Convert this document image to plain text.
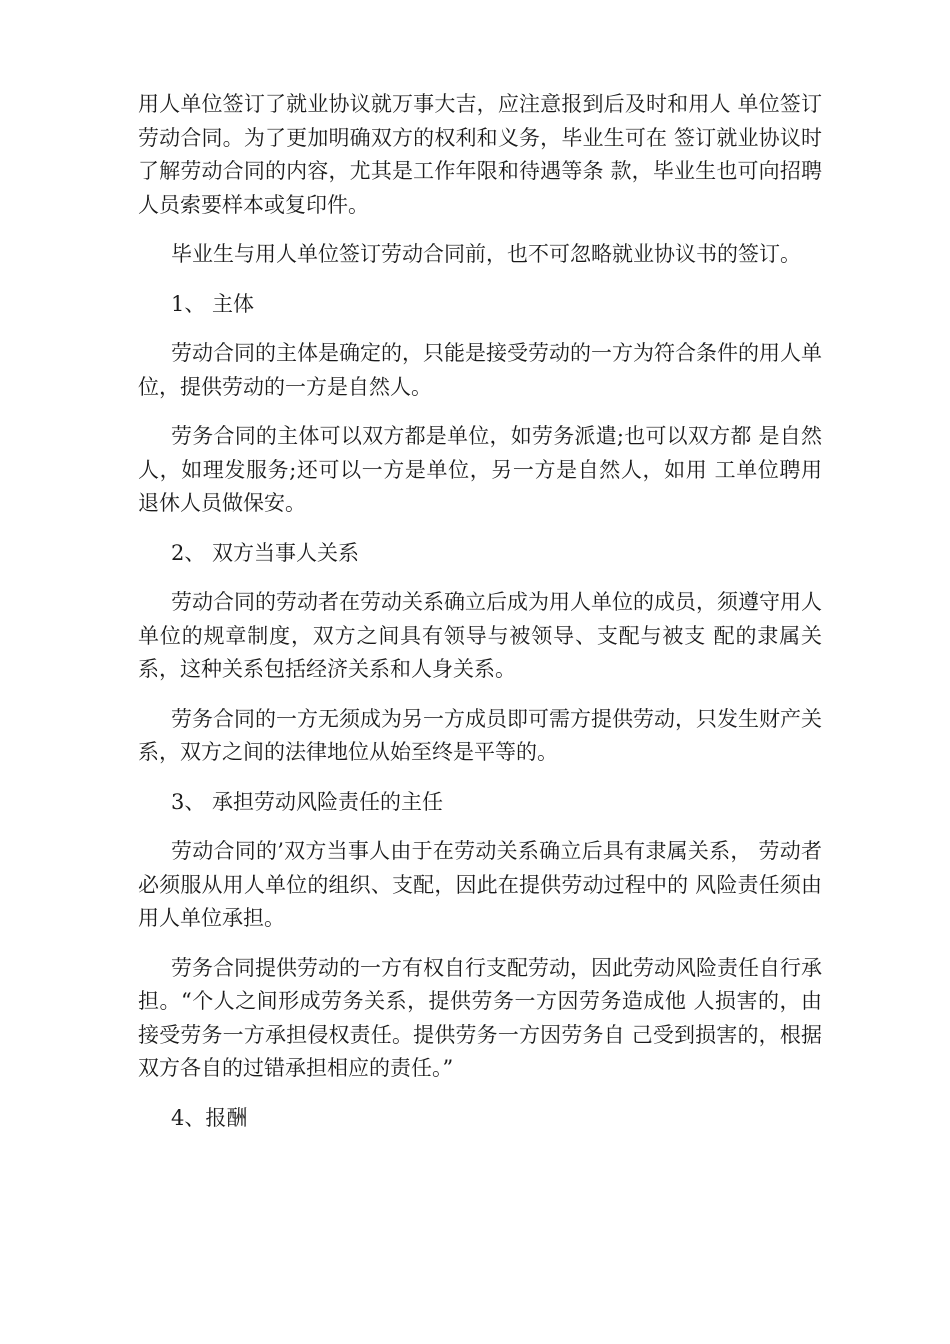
用人单位签订了就业协议就万事大吉，应注意报到后及时和用人 单位签订劳动合同。为了更加明确双方的权利和义务，毕业生可在 签订就业协议时了解劳动合同的内容，尤其是工作年限和待遇等条 款，毕业生也可向招聘人员索要样本或复印件。

毕业生与用人单位签订劳动合同前，也不可忽略就业协议书的签订。

1、 主体

劳动合同的主体是确定的，只能是接受劳动的一方为符合条件的用人单位，提供劳动的一方是自然人。

劳务合同的主体可以双方都是单位，如劳务派遣;也可以双方都 是自然人，如理发服务;还可以一方是单位，另一方是自然人，如用 工单位聘用退休人员做保安。

2、 双方当事人关系

劳动合同的劳动者在劳动关系确立后成为用人单位的成员，须遵守用人单位的规章制度，双方之间具有领导与被领导、支配与被支 配的隶属关系，这种关系包括经济关系和人身关系。

劳务合同的一方无须成为另一方成员即可需方提供劳动，只发生财产关系，双方之间的法律地位从始至终是平等的。

3、 承担劳动风险责任的主任

劳动合同的’双方当事人由于在劳动关系确立后具有隶属关系， 劳动者必须服从用人单位的组织、支配，因此在提供劳动过程中的 风险责任须由用人单位承担。

劳务合同提供劳动的一方有权自行支配劳动，因此劳动风险责任自行承担。“个人之间形成劳务关系，提供劳务一方因劳务造成他 人损害的，由接受劳务一方承担侵权责任。提供劳务一方因劳务自 己受到损害的，根据双方各自的过错承担相应的责任。”

4、报酬
